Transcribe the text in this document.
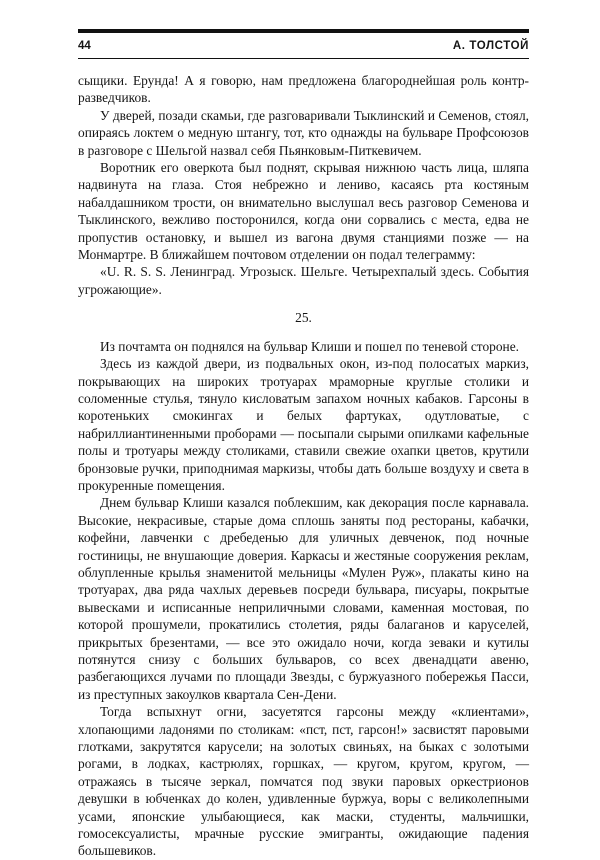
44	А. ТОЛСТОЙ

сыщики. Ерунда! А я говорю, нам предложена благороднейшая роль контр-разведчиков.

У дверей, позади скамьи, где разговаривали Тыклинский и Семенов, стоял, опираясь локтем о медную штангу, тот, кто однажды на бульваре Профсоюзов в разговоре с Шельгой назвал себя Пьянковым-Питкевичем.

Воротник его оверкота был поднят, скрывая нижнюю часть лица, шляпа надвинута на глаза. Стоя небрежно и лениво, касаясь рта костяным набалдашником трости, он внимательно выслушал весь разговор Семенова и Тыклинского, вежливо посторонился, когда они сорвались с места, едва не пропустив остановку, и вышел из вагона двумя станциями позже — на Монмартре. В ближайшем почтовом отделении он подал телеграмму:

«U. R. S. S. Ленинград. Угрозыск. Шельге. Четырехпалый здесь. События угрожающие».

25.

Из почтамта он поднялся на бульвар Клиши и пошел по теневой стороне.

Здесь из каждой двери, из подвальных окон, из-под полосатых маркиз, покрывающих на широких тротуарах мраморные круглые столики и соломенные стулья, тянуло кисловатым запахом ночных кабаков. Гарсоны в коротеньких смокингах и белых фартуках, одутловатые, с набриллиантиненными проборами — посыпали сырыми опилками кафельные полы и тротуары между столиками, ставили свежие охапки цветов, крутили бронзовые ручки, приподнимая маркизы, чтобы дать больше воздуху и света в прокуренные помещения.

Днем бульвар Клиши казался поблекшим, как декорация после карнавала. Высокие, некрасивые, старые дома сплошь заняты под рестораны, кабачки, кофейни, лавченки с дребеденью для уличных девченок, под ночные гостиницы, не внушающие доверия. Каркасы и жестяные сооружения реклам, облупленные крылья знаменитой мельницы «Мулен Руж», плакаты кино на тротуарах, два ряда чахлых деревьев посреди бульвара, писуары, покрытые вывесками и исписанные неприличными словами, каменная мостовая, по которой прошумели, прокатились столетия, ряды балаганов и каруселей, прикрытых брезентами, — все это ожидало ночи, когда зеваки и кутилы потянутся снизу с больших бульваров, со всех двенадцати авеню, разбегающихся лучами по площади Звезды, с буржуазного побережья Пасси, из преступных закоулков квартала Сен-Дени.

Тогда вспыхнут огни, засуетятся гарсоны между «клиентами», хлопающими ладонями по столикам: «пст, пст, гарсон!» засвистят паровыми глотками, закрутятся карусели; на золотых свиньях, на быках с золотыми рогами, в лодках, кастрюлях, горшках, — кругом, кругом, кругом, — отражаясь в тысяче зеркал, помчатся под звуки паровых оркестрионов девушки в юбченках до колен, удивленные буржуа, воры с великолепными усами, японские улыбающиеся, как маски, студенты, мальчишки, гомосексуалисты, мрачные русские эмигранты, ожидающие падения большевиков.
